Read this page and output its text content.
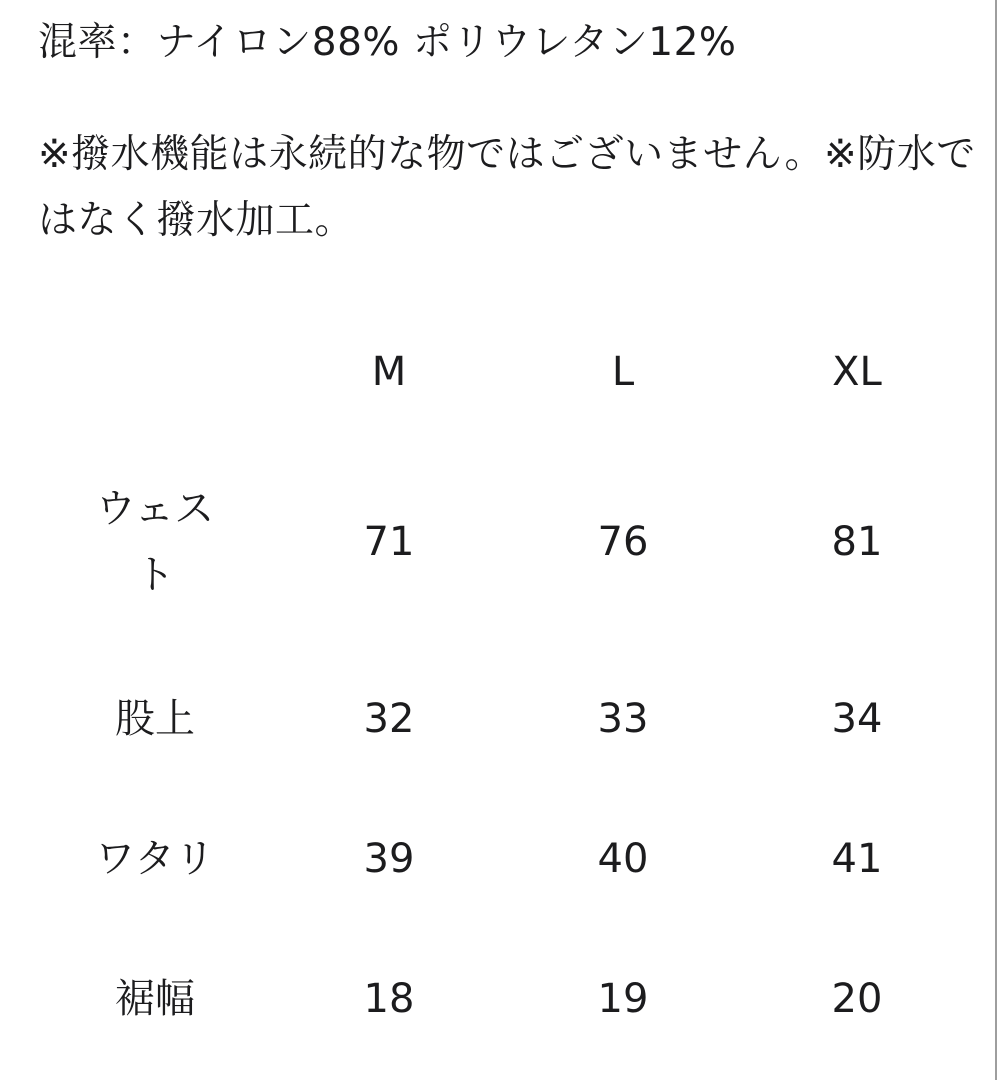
混率：ナイロン88% ポリウレタン12%

※撥水機能は永続的な物ではございません。※防水で
はなく撥水加工。
	M	L	XL
ウェスト	71	76	81
股上	32	33	34
ワタリ	39	40	41
裾幅	18	19	20
